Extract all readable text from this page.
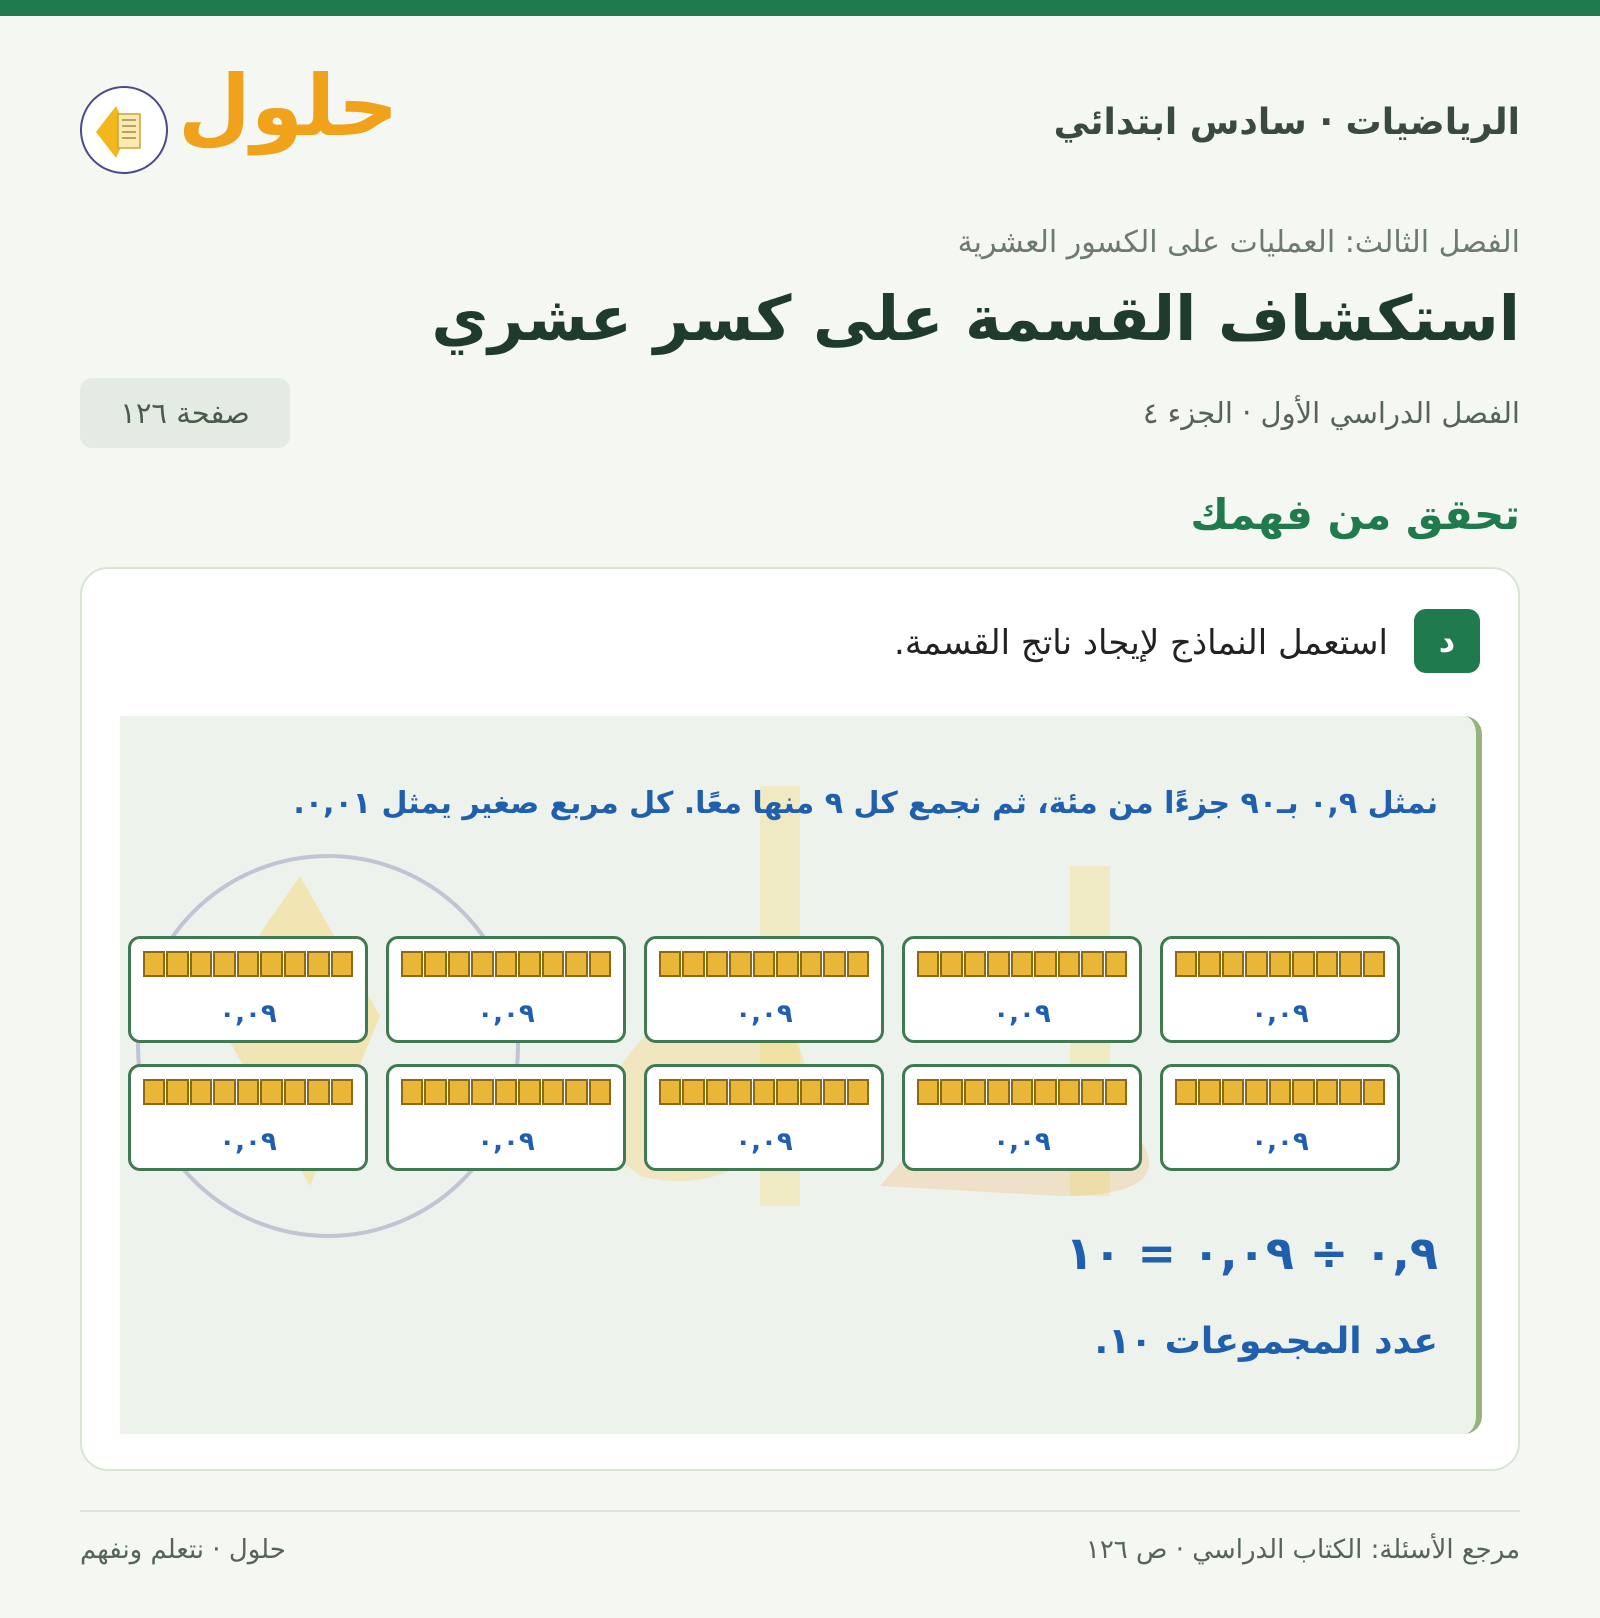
الرياضيات · سادس ابتدائي
حلول
الفصل الثالث: العمليات على الكسور العشرية
استكشاف القسمة على كسر عشري
الفصل الدراسي الأول · الجزء ٤
صفحة ١٢٦
تحقق من فهمك
د
استعمل النماذج لإيجاد ناتج القسمة.
نمثل ٠,٩ بـ٩٠ جزءًا من مئة، ثم نجمع كل ٩ منها معًا. كل مربع صغير يمثل ٠,٠١.
٠,٠٩
٠,٠٩
٠,٠٩
٠,٠٩
٠,٠٩
٠,٠٩
٠,٠٩
٠,٠٩
٠,٠٩
٠,٠٩
٠,٩ ÷ ٠,٠٩ = ١٠
عدد المجموعات ١٠.
مرجع الأسئلة: الكتاب الدراسي · ص ١٢٦
حلول · نتعلم ونفهم
